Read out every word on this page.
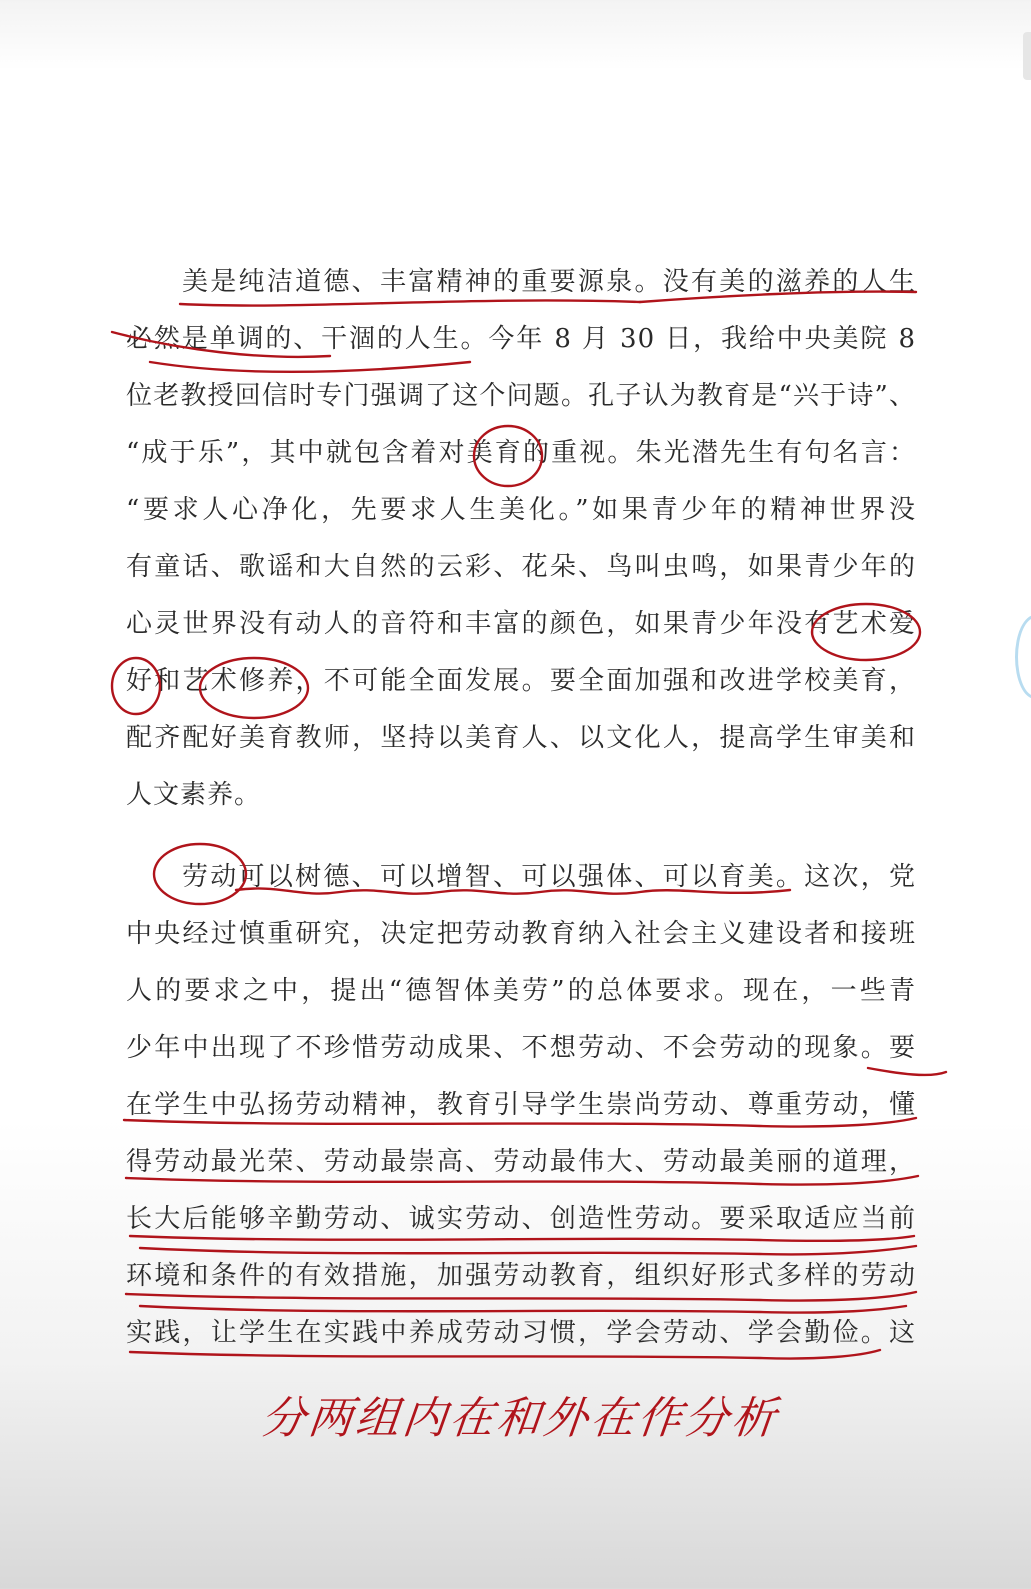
美是纯洁道德、丰富精神的重要源泉。没有美的滋养的人生
必然是单调的、干涸的人生。今年 8 月 30 日，我给中央美院 8
位老教授回信时专门强调了这个问题。孔子认为教育是“兴于诗”、
“成于乐”，其中就包含着对美育的重视。朱光潜先生有句名言：
“要求人心净化，先要求人生美化。”如果青少年的精神世界没
有童话、歌谣和大自然的云彩、花朵、鸟叫虫鸣，如果青少年的
心灵世界没有动人的音符和丰富的颜色，如果青少年没有艺术爱
好和艺术修养，不可能全面发展。要全面加强和改进学校美育，
配齐配好美育教师，坚持以美育人、以文化人，提高学生审美和
人文素养。
劳动可以树德、可以增智、可以强体、可以育美。这次，党
中央经过慎重研究，决定把劳动教育纳入社会主义建设者和接班
人的要求之中，提出“德智体美劳”的总体要求。现在，一些青
少年中出现了不珍惜劳动成果、不想劳动、不会劳动的现象。要
在学生中弘扬劳动精神，教育引导学生崇尚劳动、尊重劳动，懂
得劳动最光荣、劳动最崇高、劳动最伟大、劳动最美丽的道理，
长大后能够辛勤劳动、诚实劳动、创造性劳动。要采取适应当前
环境和条件的有效措施，加强劳动教育，组织好形式多样的劳动
实践，让学生在实践中养成劳动习惯，学会劳动、学会勤俭。这
分两组内在和外在作分析
